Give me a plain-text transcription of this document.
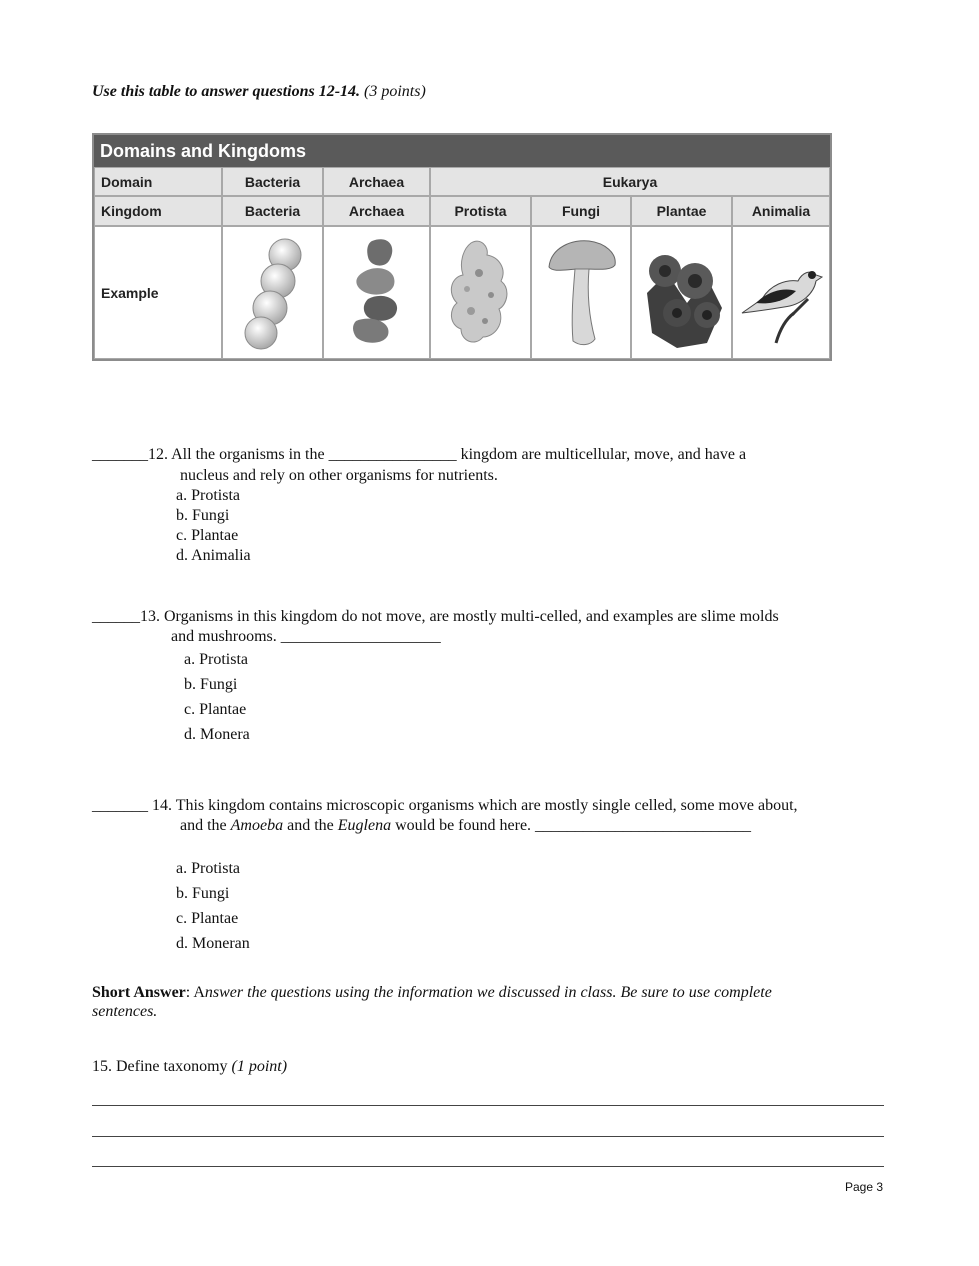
Use this table to answer questions 12-14. (3 points)
Domains and Kingdoms
Domain	Bacteria	Archaea	Eukarya
Kingdom	Bacteria	Archaea	Protista	Fungi	Plantae	Animalia
Example
_______12. All the organisms in the ________________ kingdom are multicellular, move, and have a
nucleus and rely on other organisms for nutrients.
a. Protista
b. Fungi
c. Plantae
d. Animalia
______13. Organisms in this kingdom do not move, are mostly multi-celled, and examples are slime molds
and mushrooms. ____________________
a. Protista
b. Fungi
c. Plantae
d. Monera
_______ 14. This kingdom contains microscopic organisms which are mostly single celled, some move about,
and the Amoeba and the Euglena would be found here. ___________________________
a. Protista
b. Fungi
c. Plantae
d. Moneran
Short Answer: Answer the questions using the information we discussed in class. Be sure to use complete
sentences.
15. Define taxonomy (1 point)
Page 3
